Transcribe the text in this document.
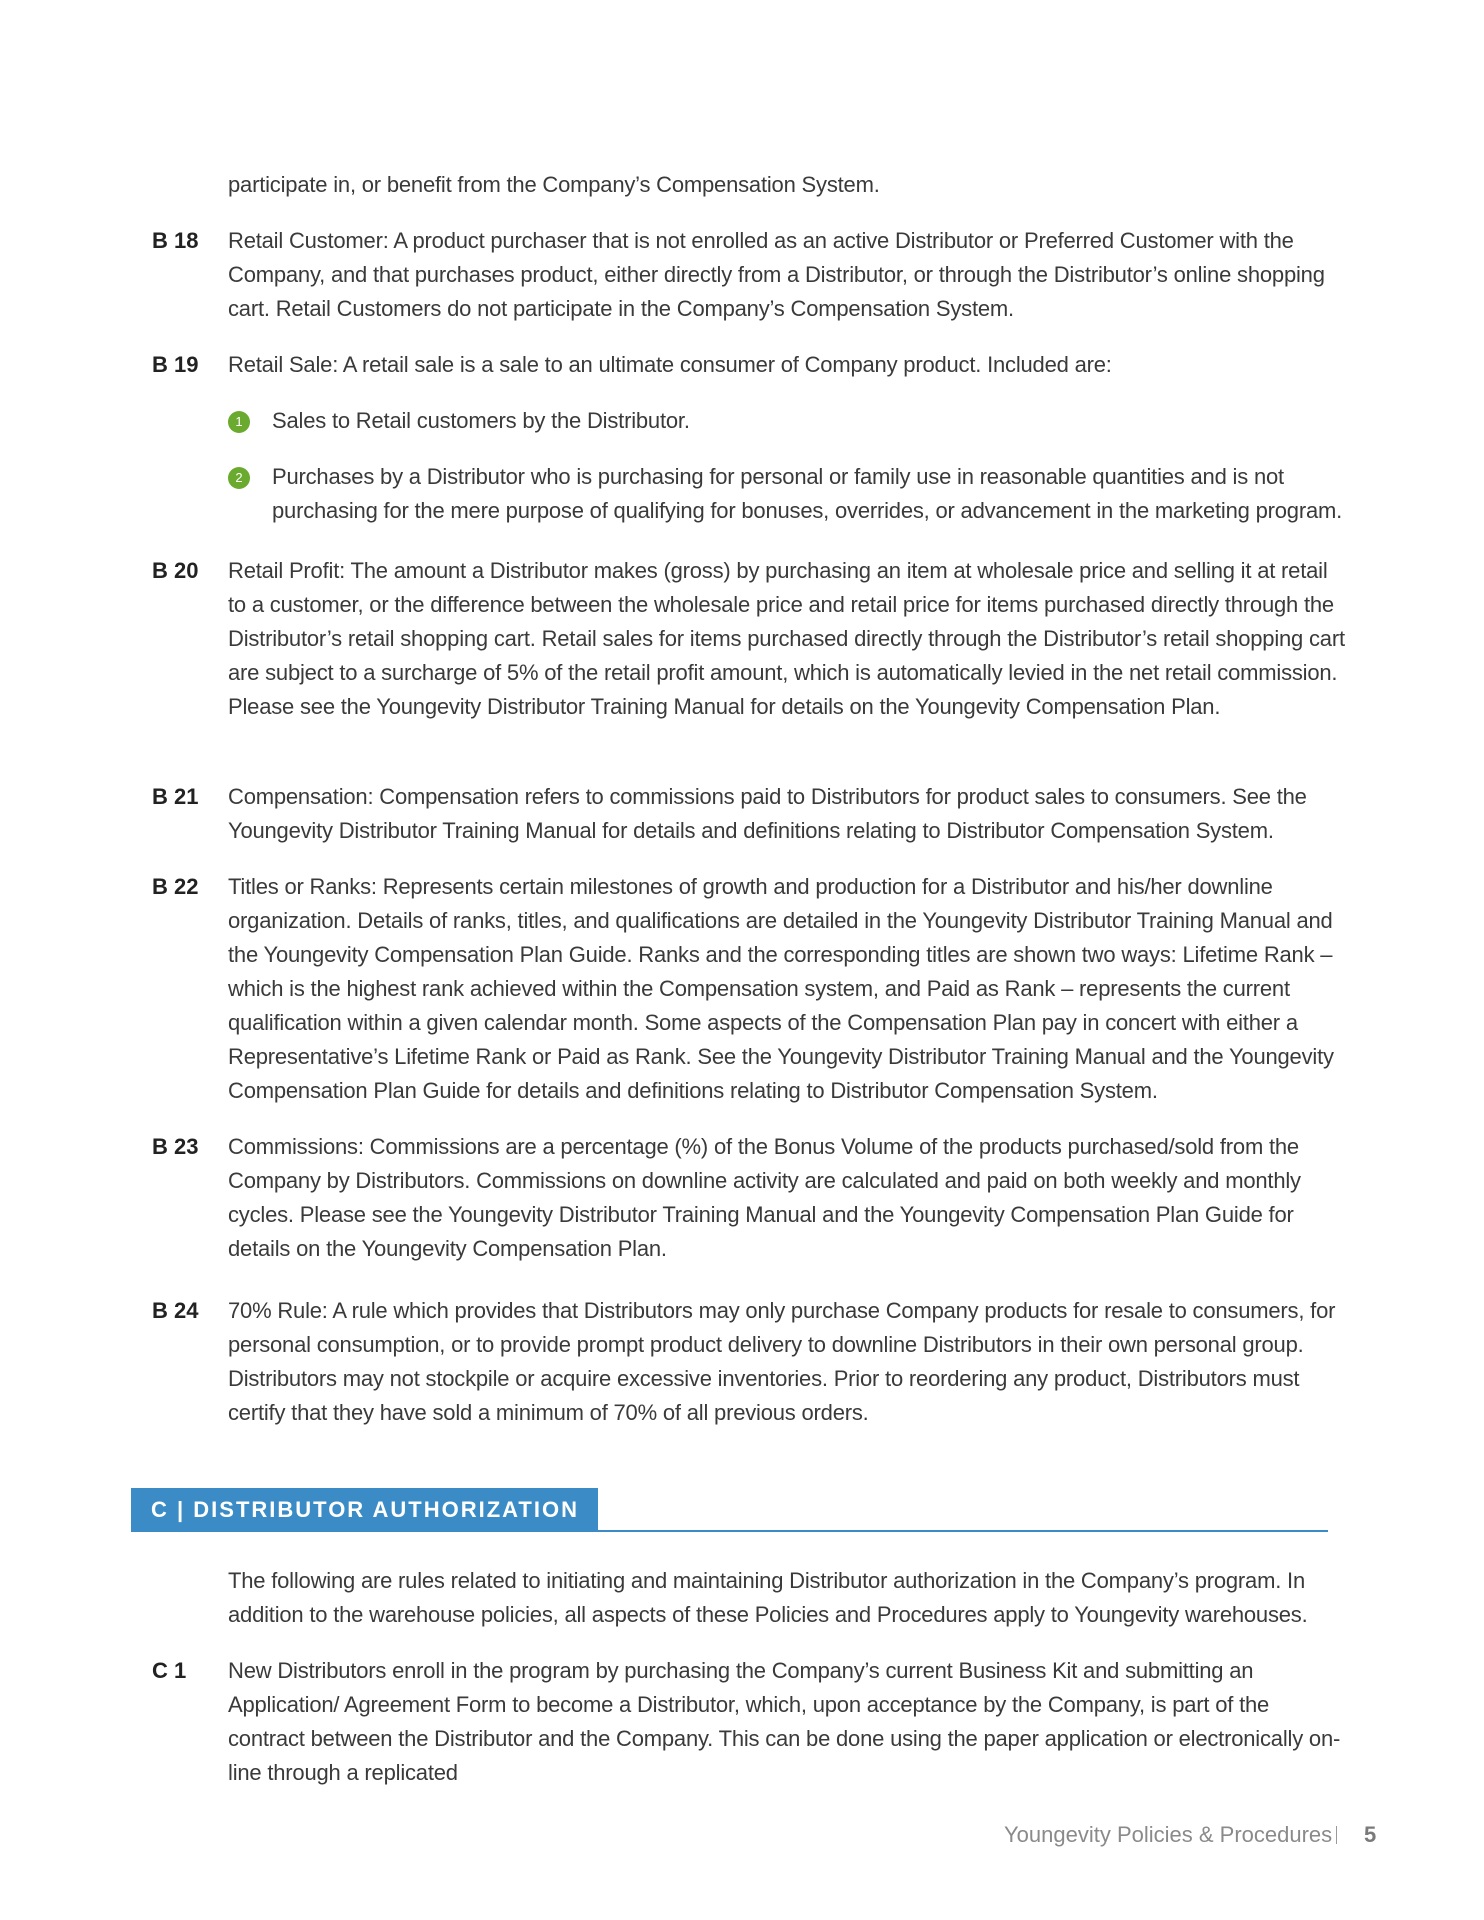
participate in, or benefit from the Company’s Compensation System.
B 18 Retail Customer: A product purchaser that is not enrolled as an active Distributor or Preferred Customer with the Company, and that purchases product, either directly from a Distributor, or through the Distributor’s online shopping cart. Retail Customers do not participate in the Company’s Compensation System.
B 19 Retail Sale: A retail sale is a sale to an ultimate consumer of Company product. Included are:
1	Sales to Retail customers by the Distributor.
2	Purchases by a Distributor who is purchasing for personal or family use in reasonable quantities and is not purchasing for the mere purpose of qualifying for bonuses, overrides, or advancement in the marketing program.
B 20 Retail Profit: The amount a Distributor makes (gross) by purchasing an item at wholesale price and selling it at retail to a customer, or the difference between the wholesale price and retail price for items purchased directly through the Distributor’s retail shopping cart. Retail sales for items purchased directly through the Distributor’s retail shopping cart are subject to a surcharge of 5% of the retail profit amount, which is automatically levied in the net retail commission. Please see the Youngevity Distributor Training Manual for details on the Youngevity Compensation Plan.
B 21 Compensation: Compensation refers to commissions paid to Distributors for product sales to consumers. See the Youngevity Distributor Training Manual for details and definitions relating to Distributor Compensation System.
B 22 Titles or Ranks: Represents certain milestones of growth and production for a Distributor and his/her downline organization. Details of ranks, titles, and qualifications are detailed in the Youngevity Distributor Training Manual and the Youngevity Compensation Plan Guide. Ranks and the corresponding titles are shown two ways: Lifetime Rank – which is the highest rank achieved within the Compensation system, and Paid as Rank – represents the current qualification within a given calendar month. Some aspects of the Compensation Plan pay in concert with either a Representative’s Lifetime Rank or Paid as Rank. See the Youngevity Distributor Training Manual and the Youngevity Compensation Plan Guide for details and definitions relating to Distributor Compensation System.
B 23 Commissions: Commissions are a percentage (%) of the Bonus Volume of the products purchased/sold from the Company by Distributors. Commissions on downline activity are calculated and paid on both weekly and monthly cycles. Please see the Youngevity Distributor Training Manual and the Youngevity Compensation Plan Guide for details on the Youngevity Compensation Plan.
B 24 70% Rule: A rule which provides that Distributors may only purchase Company products for resale to consumers, for personal consumption, or to provide prompt product delivery to downline Distributors in their own personal group. Distributors may not stockpile or acquire excessive inventories. Prior to reordering any product, Distributors must certify that they have sold a minimum of 70% of all previous orders.
C | DISTRIBUTOR AUTHORIZATION
The following are rules related to initiating and maintaining Distributor authorization in the Company’s program. In addition to the warehouse policies, all aspects of these Policies and Procedures apply to Youngevity warehouses.
C 1 New Distributors enroll in the program by purchasing the Company’s current Business Kit and submitting an Application/ Agreement Form to become a Distributor, which, upon acceptance by the Company, is part of the contract between the Distributor and the Company. This can be done using the paper application or electronically on-line through a replicated
Youngevity Policies & Procedures 5
